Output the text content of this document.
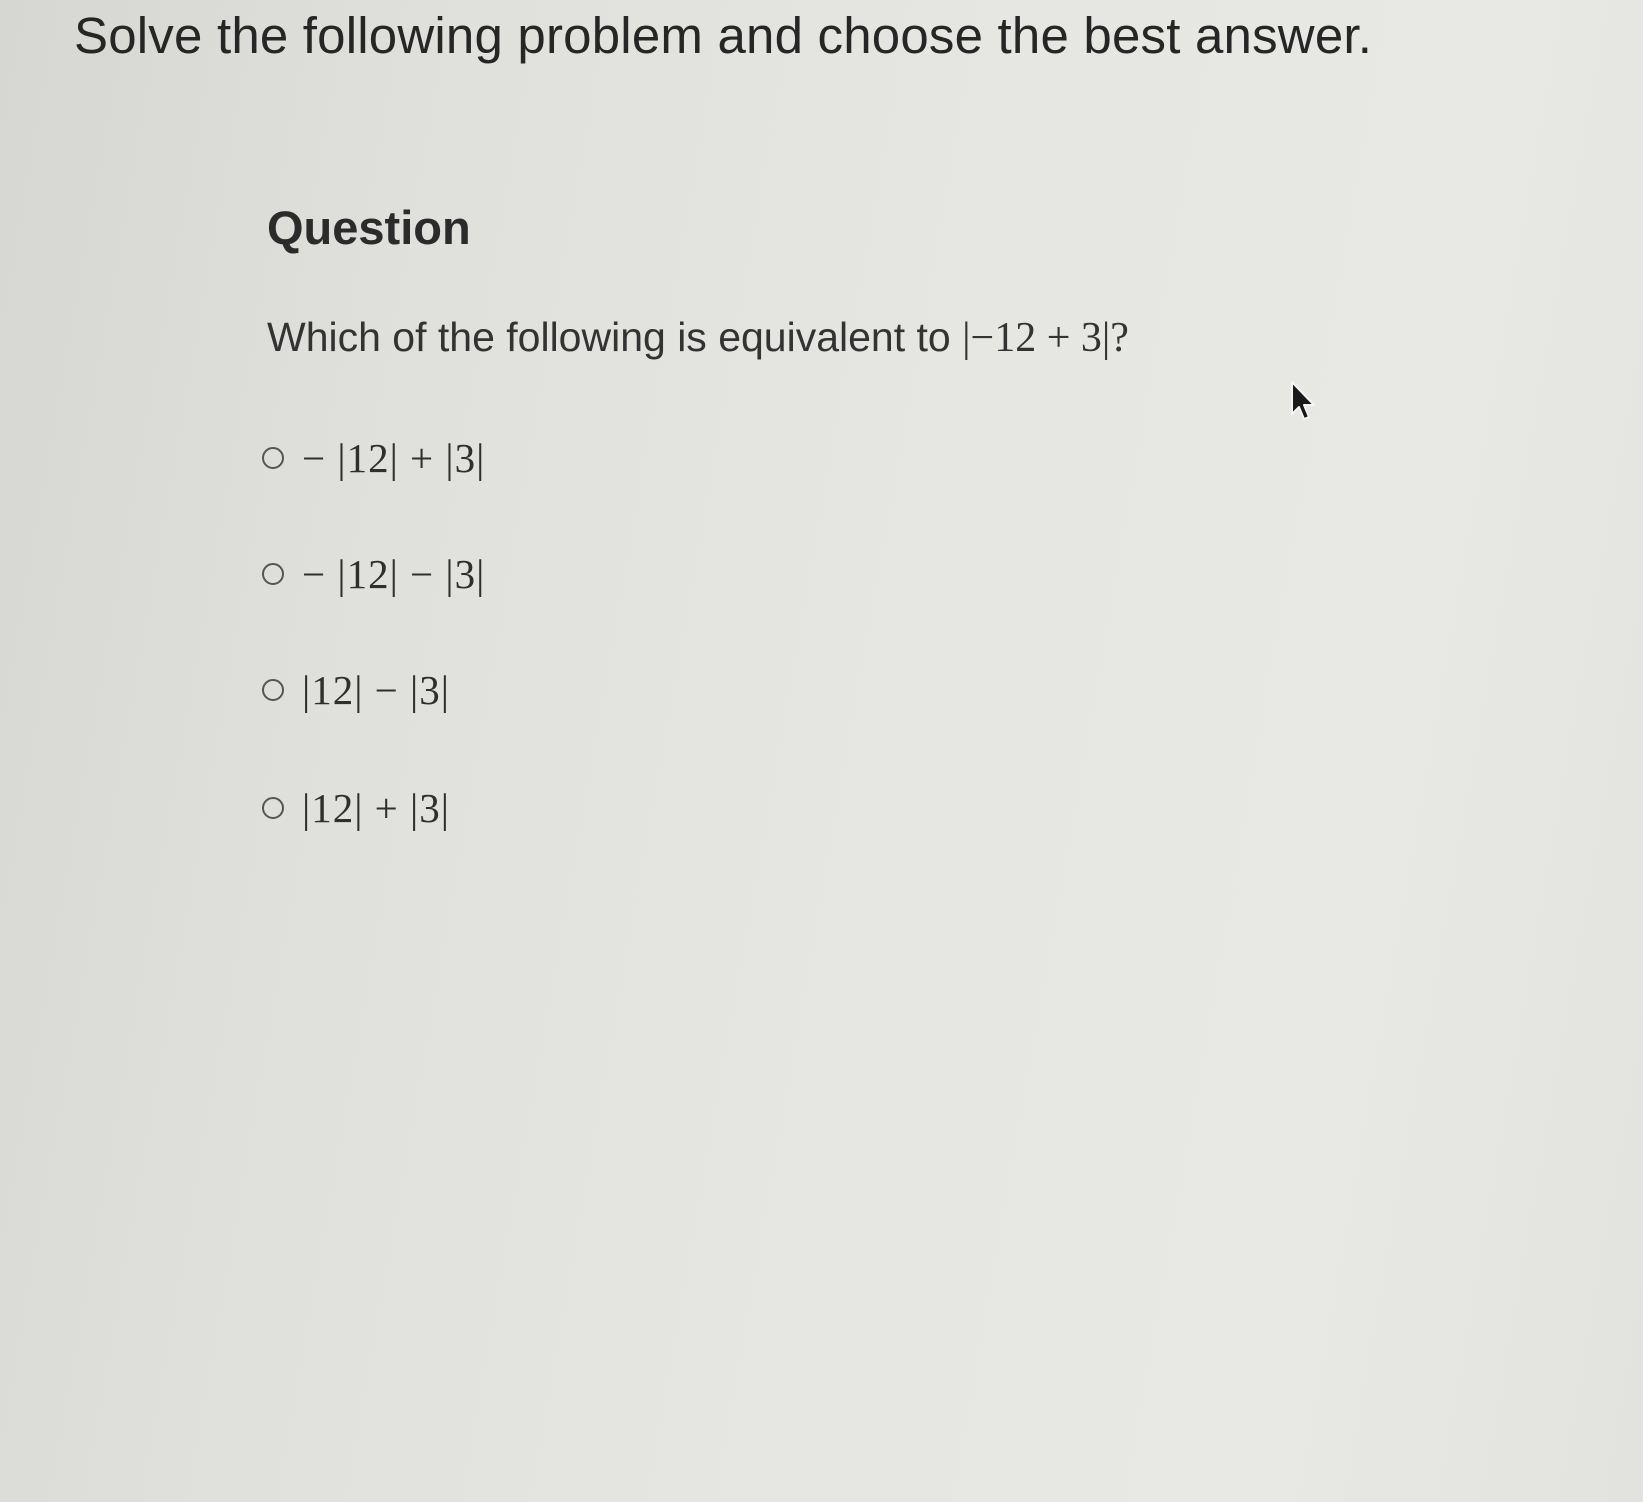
Solve the following problem and choose the best answer.
Question
Which of the following is equivalent to |−12 + 3|?
− |12| + |3|
− |12| − |3|
|12| − |3|
|12| + |3|
